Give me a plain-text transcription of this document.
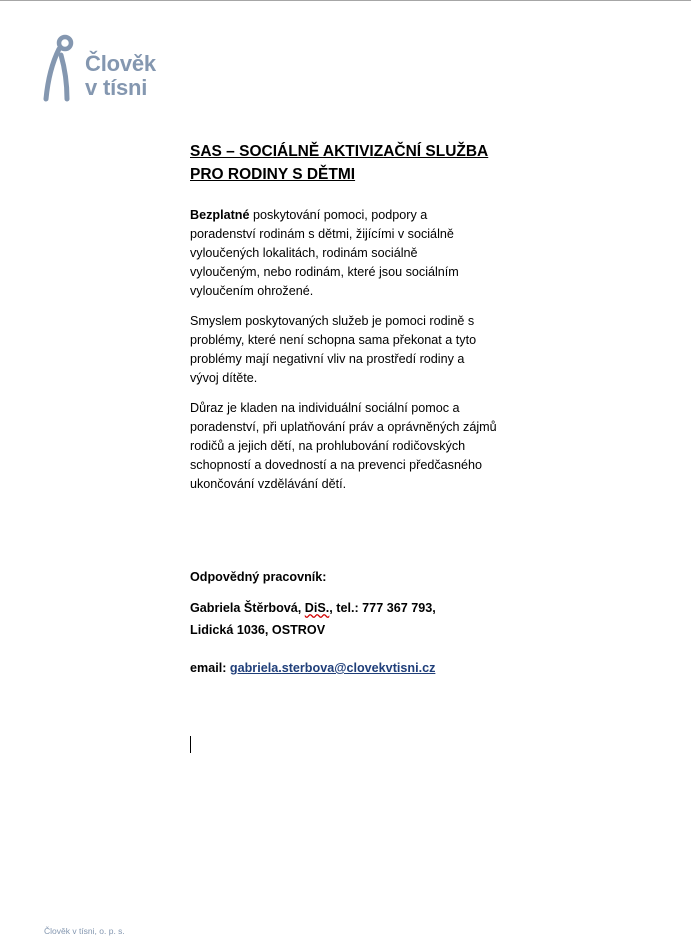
Člověk
v tísni
SAS – SOCIÁLNĚ AKTIVIZAČNÍ SLUŽBA
PRO RODINY S DĚTMI

Bezplatné poskytování pomoci, podpory a poradenství rodinám s dětmi, žijícími v sociálně vyloučených lokalitách, rodinám sociálně vyloučeným, nebo rodinám, které jsou sociálním vyloučením ohrožené.

Smyslem poskytovaných služeb je pomoci rodině s problémy, které není schopna sama překonat a tyto problémy mají negativní vliv na prostředí rodiny a vývoj dítěte.

Důraz je kladen na individuální sociální pomoc a poradenství, při uplatňování práv a oprávněných zájmů rodičů a jejich dětí, na prohlubování rodičovských schopností a dovedností a na prevenci předčasného ukončování vzdělávání dětí.

Odpovědný pracovník:
Gabriela Štěrbová, DiS., tel.: 777 367 793,
Lidická 1036, OSTROV
email: gabriela.sterbova@clovekvtisni.cz
Člověk v tísni, o. p. s.
